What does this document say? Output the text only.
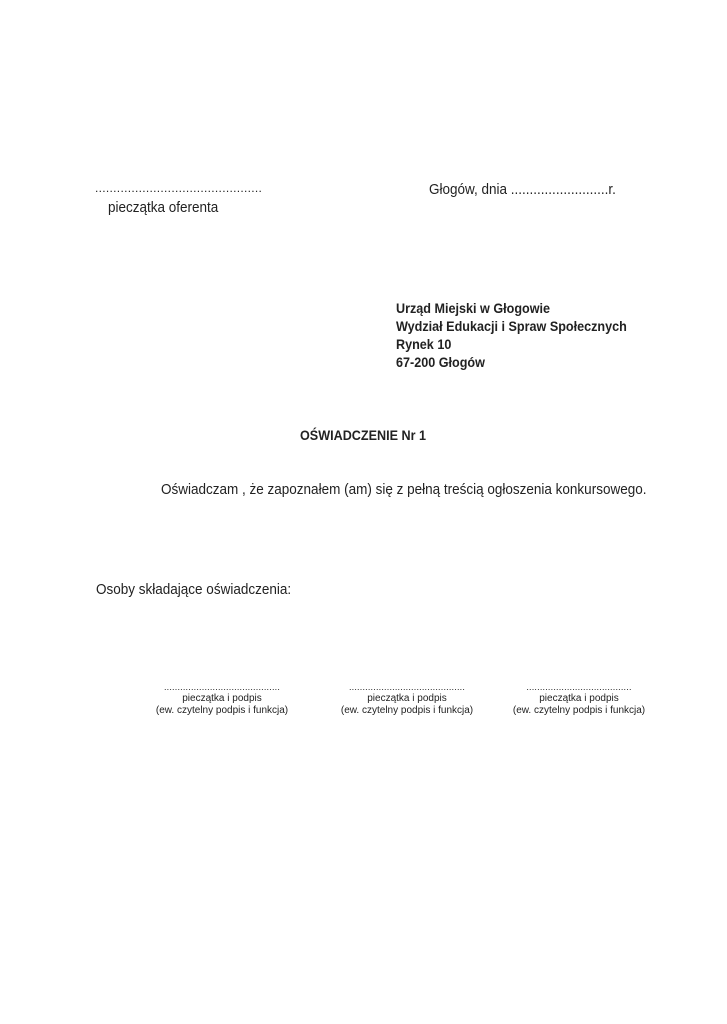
..............................................
pieczątka oferenta
Głogów, dnia ..........................r.
Urząd Miejski w Głogowie
Wydział Edukacji i Spraw Społecznych
Rynek 10
67-200 Głogów
OŚWIADCZENIE Nr 1
Oświadczam , że zapoznałem (am) się z pełną treścią ogłoszenia konkursowego.
Osoby składające oświadczenia:
...........................................
pieczątka i podpis
(ew. czytelny podpis i funkcja)
...........................................
pieczątka i podpis
(ew. czytelny podpis i funkcja)
.......................................
pieczątka i podpis
(ew. czytelny podpis i funkcja)
